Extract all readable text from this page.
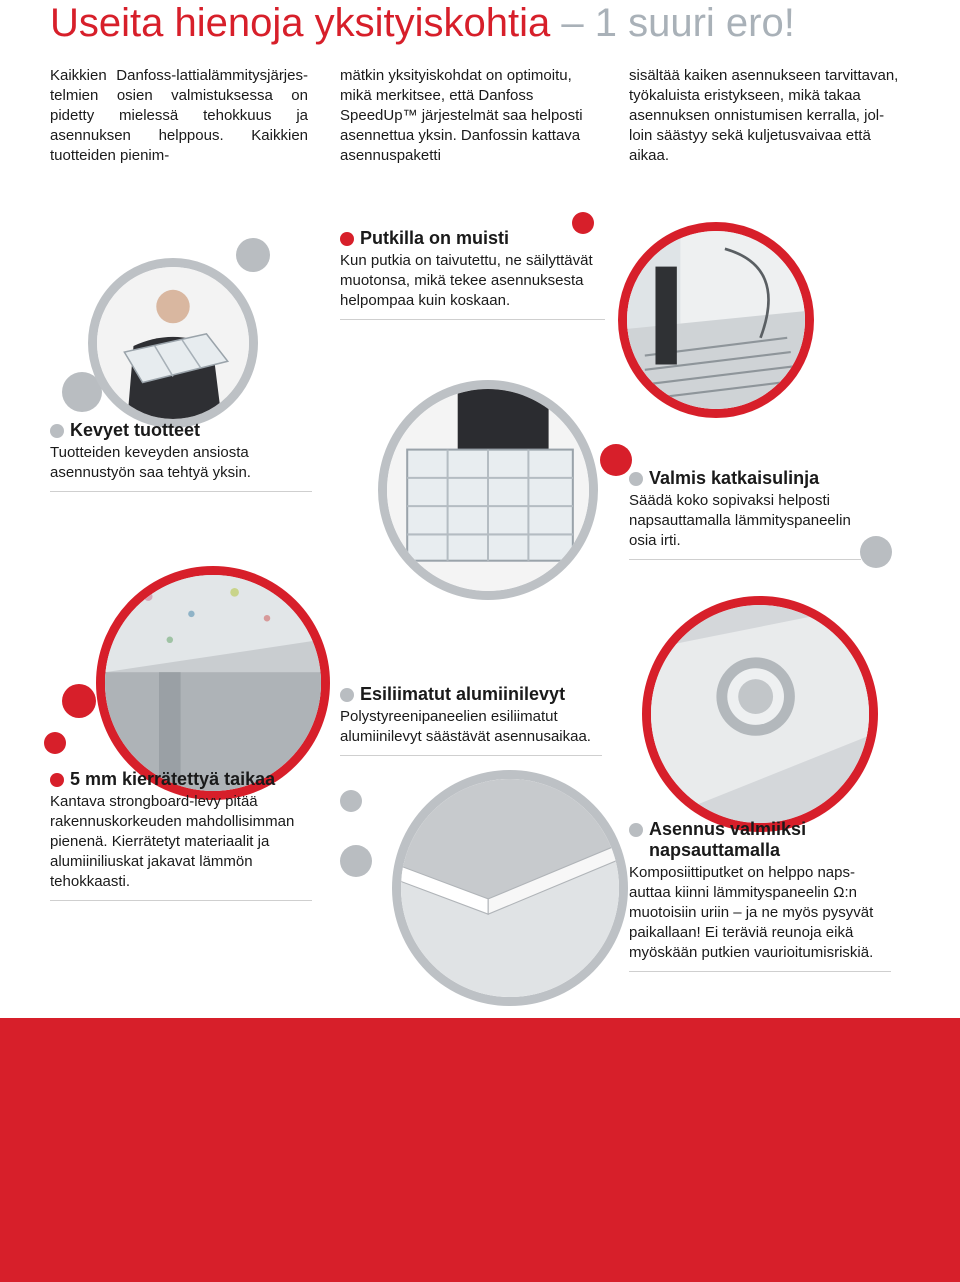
Useita hienoja yksityiskohtia – 1 suuri ero!
Kaikkien Danfoss-lattialämmitysjärjestelmien osien valmistuksessa on pidetty mielessä tehokkuus ja asennuksen helppous. Kaikkien tuotteiden pienim-
mätkin yksityiskohdat on optimoitu, mikä merkitsee, että Danfoss SpeedUp™ järjestelmät saa helposti asennettua yksin. Danfossin kattava asennuspaketti
sisältää kaiken asennukseen tarvittavan, työkaluista eristykseen, mikä takaa asennuksen onnistumisen kerralla, jolloin säästyy sekä kuljetusvaivaa että aikaa.
Putkilla on muisti
Kun putkia on taivutettu, ne säilyttävät muotonsa, mikä tekee asennuksesta helpompaa kuin koskaan.
Kevyet tuotteet
Tuotteiden keveyden ansiosta asennustyön saa tehtyä yksin.	Valmis katkaisulinja
Säädä koko sopivaksi helposti napsauttamalla lämmityspaneelin osia irti.
Esiliimatut alumiinilevyt
Polystyreenipaneelien esiliimatut alumiinilevyt säästävät asennusaikaa.
5 mm kierrätettyä taikaa
Kantava strongboard-levy pitää rakennuskorkeuden mahdollisimman pienenä. Kierrätetyt materiaalit ja alumiiniliuskat jakavat lämmön tehokkaasti.
Asennus valmiiksi napsauttamalla
Komposiittiputket on helppo napsauttaa kiinni lämmityspaneelin Ω:n muotoisiin uriin – ja ne myös pysyvät paikallaan! Ei teräviä reunoja eikä myöskään putkien vaurioitumisriskiä.
